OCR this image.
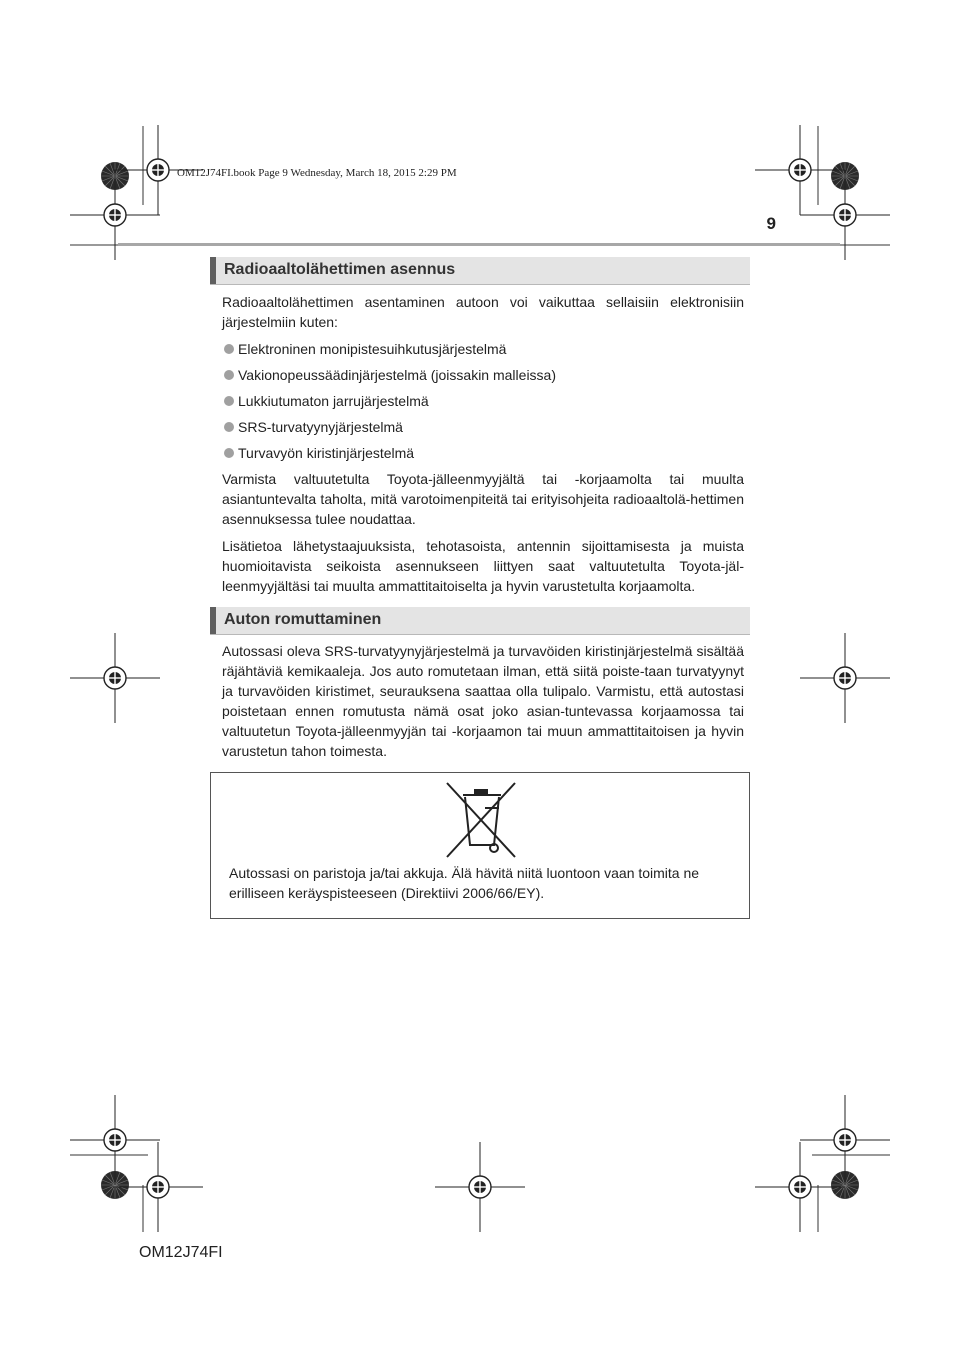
OM12J74FI.book Page 9 Wednesday, March 18, 2015 2:29 PM
9
Radioaaltolähettimen asennus

Radioaaltolähettimen asentaminen autoon voi vaikuttaa sellaisiin elektronisiin järjestelmiin kuten:

Elektroninen monipistesuihkutusjärjestelmä
Vakionopeussäädinjärjestelmä (joissakin malleissa)
Lukkiutumaton jarrujärjestelmä
SRS-turvatyynyjärjestelmä
Turvavyön kiristinjärjestelmä

Varmista valtuutetulta Toyota-jälleenmyyjältä tai -korjaamolta tai muulta asiantuntevalta taholta, mitä varotoimenpiteitä tai erityisohjeita radioaaltolä-hettimen asennuksessa tulee noudattaa.

Lisätietoa lähetystaajuuksista, tehotasoista, antennin sijoittamisesta ja muista huomioitavista seikoista asennukseen liittyen saat valtuutetulta Toyota-jäl-leenmyyjältäsi tai muulta ammattitaitoiselta ja hyvin varustetulta korjaamolta.

Auton romuttaminen

Autossasi oleva SRS-turvatyynyjärjestelmä ja turvavöiden kiristinjärjestelmä sisältää räjähtäviä kemikaaleja. Jos auto romutetaan ilman, että siitä poiste-taan turvatyynyt ja turvavöiden kiristimet, seurauksena saattaa olla tulipalo. Varmistu, että autostasi poistetaan ennen romutusta nämä osat joko asian-tuntevassa korjaamossa tai valtuutetun Toyota-jälleenmyyjän tai -korjaamon tai muun ammattitaitoisen ja hyvin varustetun tahon toimesta.

Autossasi on paristoja ja/tai akkuja. Älä hävitä niitä luontoon vaan toimita ne erilliseen keräyspisteeseen (Direktiivi 2006/66/EY).
OM12J74FI
